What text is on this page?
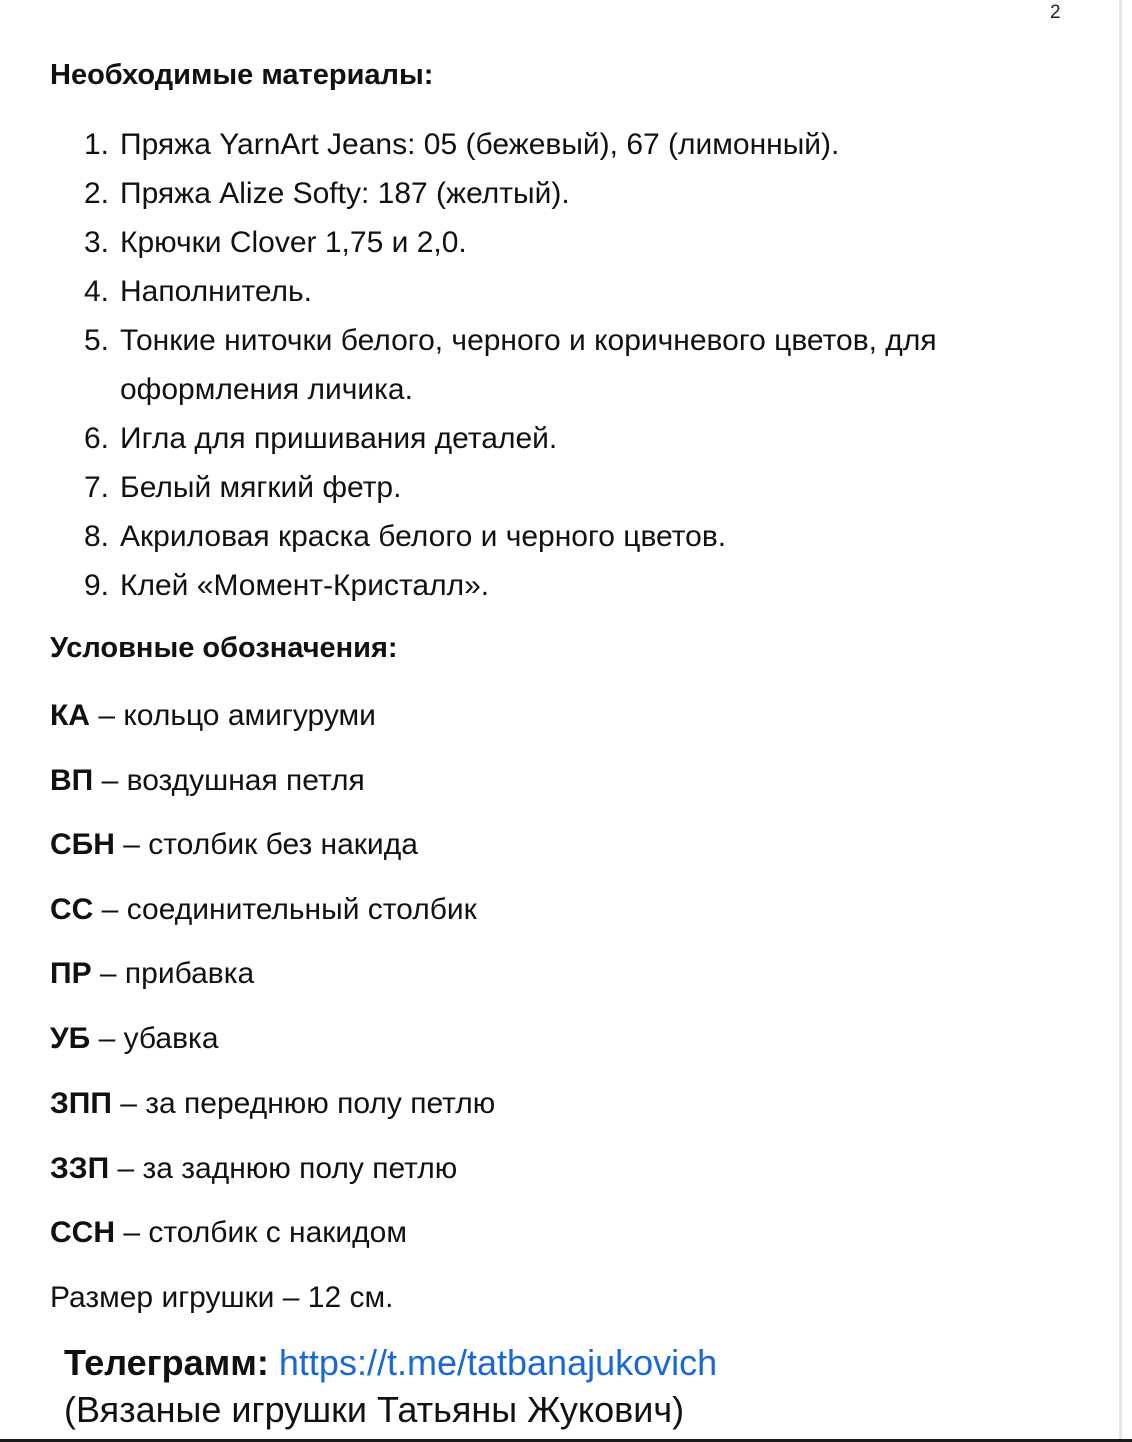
2
Необходимые материалы:
1. Пряжа YarnArt Jeans: 05 (бежевый), 67 (лимонный).
2. Пряжа Alize Softy: 187 (желтый).
3. Крючки Clover 1,75 и 2,0.
4. Наполнитель.
5. Тонкие ниточки белого, черного и коричневого цветов, для оформления личика.
6. Игла для пришивания деталей.
7. Белый мягкий фетр.
8. Акриловая краска белого и черного цветов.
9. Клей «Момент-Кристалл».
Условные обозначения:
КА – кольцо амигуруми
ВП – воздушная петля
СБН – столбик без накида
СС – соединительный столбик
ПР – прибавка
УБ – убавка
ЗПП – за переднюю полу петлю
ЗЗП – за заднюю полу петлю
ССН – столбик с накидом
Размер игрушки – 12 см.
Телеграмм: https://t.me/tatbanajukovich
(Вязаные игрушки Татьяны Жукович)
